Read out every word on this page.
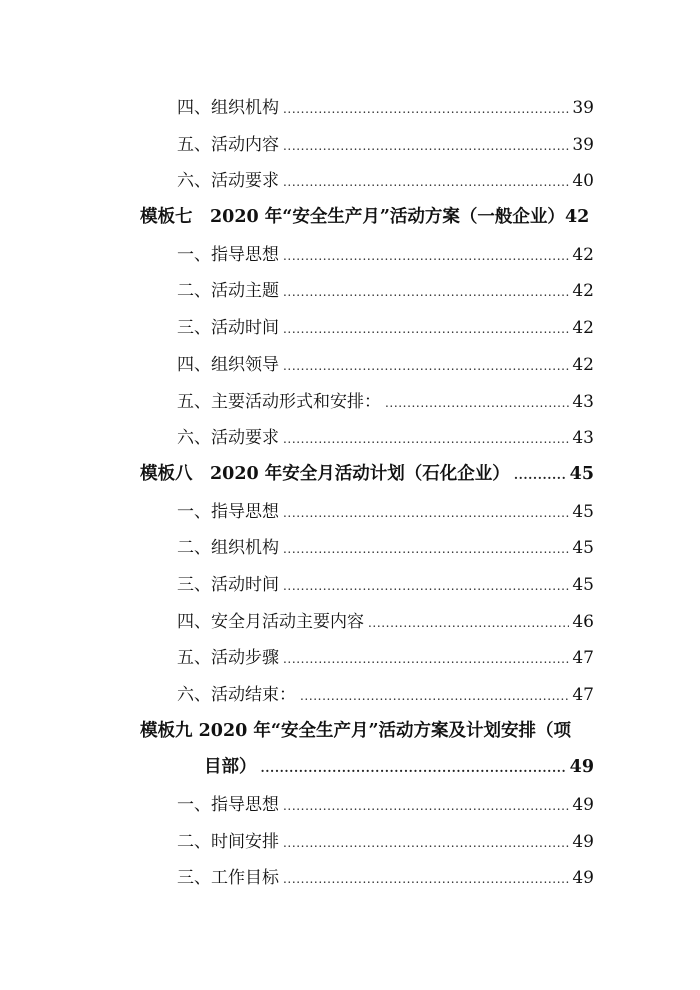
四、组织机构 .....	39
五、活动内容 .....	39
六、活动要求 .....	40
模板七　2020 年“安全生产月”活动方案（一般企业） 42
一、指导思想 .....	42
二、活动主题 .....	42
三、活动时间 .....	42
四、组织领导 .....	42
五、主要活动形式和安排： .....	43
六、活动要求 .....	43
模板八　2020 年安全月活动计划（石化企业） .....	45
一、指导思想 .....	45
二、组织机构 .....	45
三、活动时间 .....	45
四、安全月活动主要内容 .....	46
五、活动步骤 .....	47
六、活动结束： .....	47
模板九 2020 年“安全生产月”活动方案及计划安排（项
目部） .....	49
一、指导思想 .....	49
二、时间安排 .....	49
三、工作目标 .....	49
